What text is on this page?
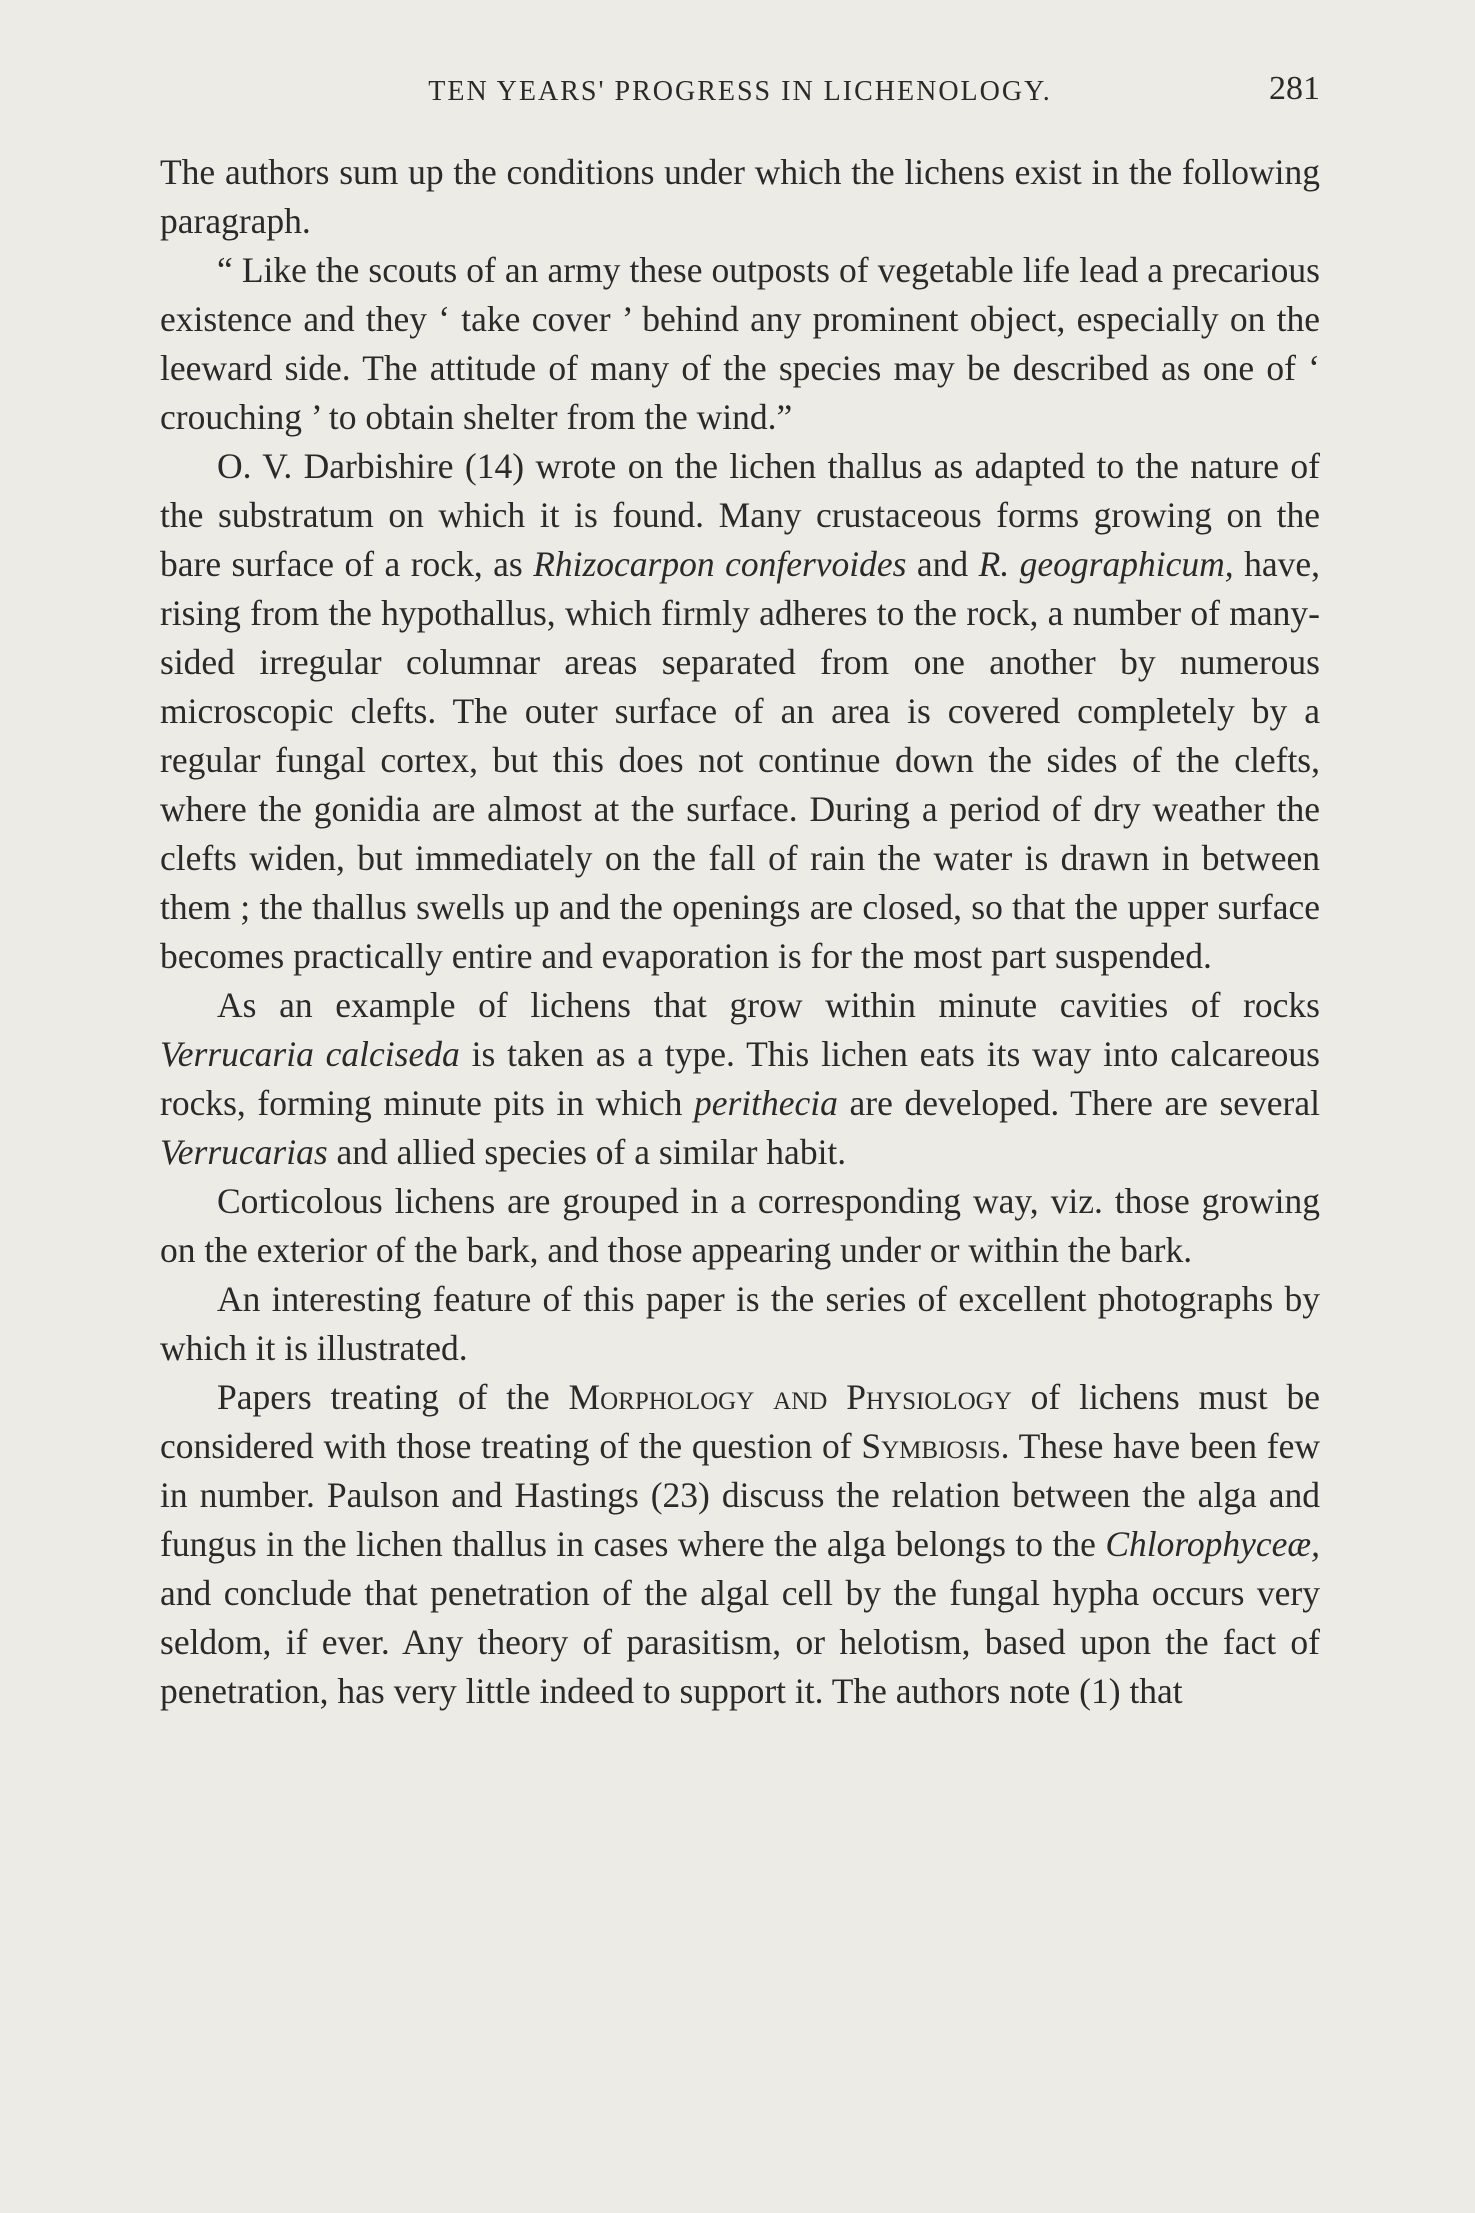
TEN YEARS' PROGRESS IN LICHENOLOGY.	281

The authors sum up the conditions under which the lichens exist in the following paragraph.

“ Like the scouts of an army these outposts of vegetable life lead a precarious existence and they ‘ take cover ’ behind any prominent object, especially on the leeward side. The attitude of many of the species may be described as one of ‘ crouching ’ to obtain shelter from the wind.”

O. V. Darbishire (14) wrote on the lichen thallus as adapted to the nature of the substratum on which it is found. Many crustaceous forms growing on the bare surface of a rock, as Rhizocarpon confervoides and R. geographicum, have, rising from the hypothallus, which firmly adheres to the rock, a number of many-sided irregular columnar areas separated from one another by numerous microscopic clefts. The outer surface of an area is covered completely by a regular fungal cortex, but this does not continue down the sides of the clefts, where the gonidia are almost at the surface. During a period of dry weather the clefts widen, but immediately on the fall of rain the water is drawn in between them ; the thallus swells up and the openings are closed, so that the upper surface becomes practically entire and evaporation is for the most part suspended.

As an example of lichens that grow within minute cavities of rocks Verrucaria calciseda is taken as a type. This lichen eats its way into calcareous rocks, forming minute pits in which perithecia are developed. There are several Verrucarias and allied species of a similar habit.

Corticolous lichens are grouped in a corresponding way, viz. those growing on the exterior of the bark, and those appearing under or within the bark.

An interesting feature of this paper is the series of excellent photographs by which it is illustrated.

Papers treating of the Morphology and Physiology of lichens must be considered with those treating of the question of Symbiosis. These have been few in number. Paulson and Hastings (23) discuss the relation between the alga and fungus in the lichen thallus in cases where the alga belongs to the Chlorophyceæ, and conclude that penetration of the algal cell by the fungal hypha occurs very seldom, if ever. Any theory of parasitism, or helotism, based upon the fact of penetration, has very little indeed to support it. The authors note (1) that
